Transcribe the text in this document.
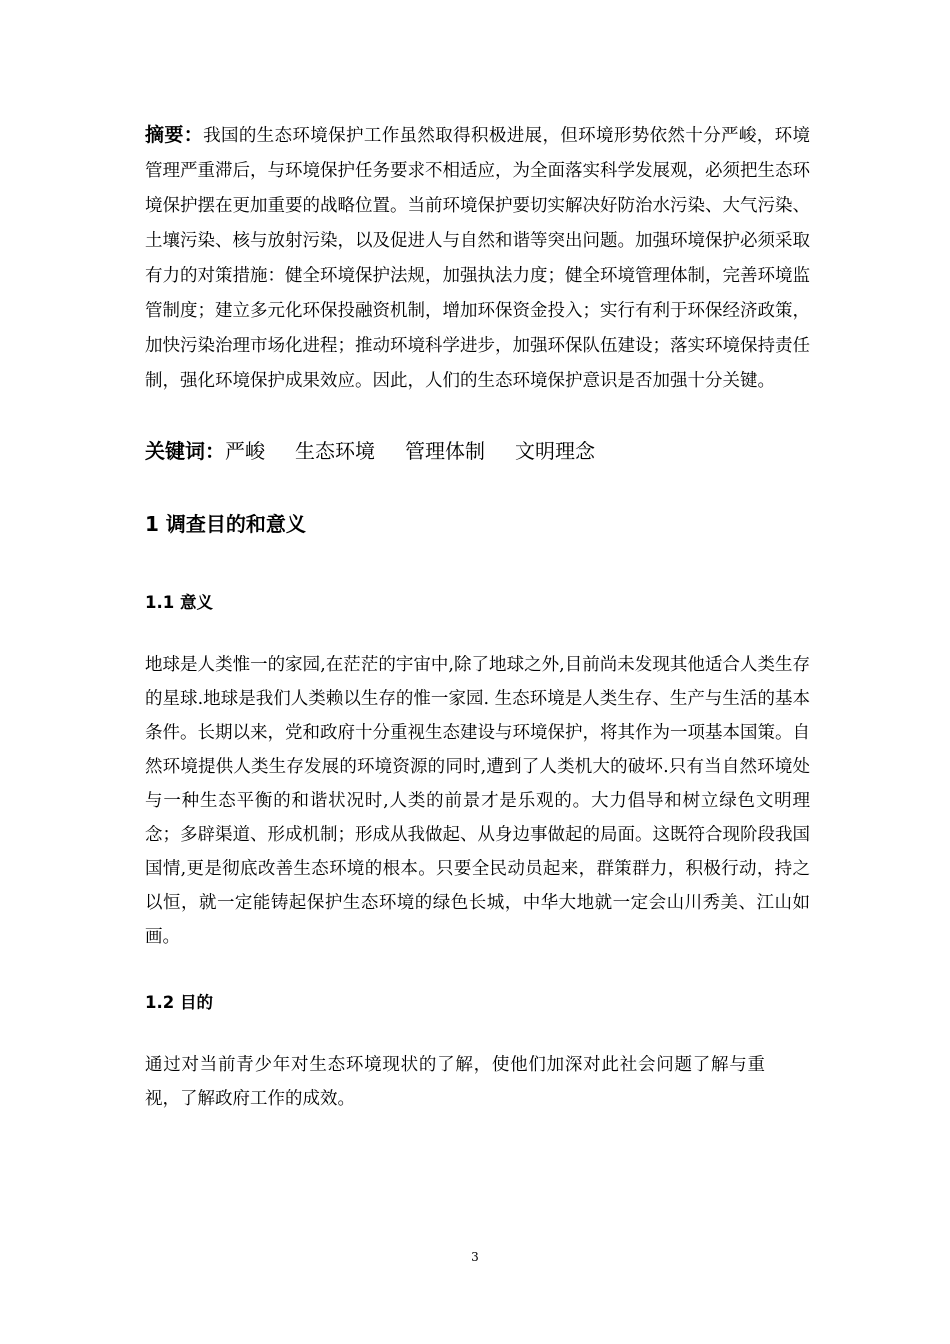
摘要：我国的生态环境保护工作虽然取得积极进展，但环境形势依然十分严峻，环境管理严重滞后，与环境保护任务要求不相适应，为全面落实科学发展观，必须把生态环境保护摆在更加重要的战略位置。当前环境保护要切实解决好防治水污染、大气污染、土壤污染、核与放射污染，以及促进人与自然和谐等突出问题。加强环境保护必须采取有力的对策措施：健全环境保护法规，加强执法力度；健全环境管理体制，完善环境监管制度；建立多元化环保投融资机制，增加环保资金投入；实行有利于环保经济政策，加快污染治理市场化进程；推动环境科学进步，加强环保队伍建设；落实环境保持责任制，强化环境保护成果效应。因此，人们的生态环境保护意识是否加强十分关键。

关键词：严峻 生态环境 管理体制 文明理念

1 调查目的和意义
1.1 意义

地球是人类惟一的家园,在茫茫的宇宙中,除了地球之外,目前尚未发现其他适合人类生存的星球.地球是我们人类赖以生存的惟一家园. 生态环境是人类生存、生产与生活的基本条件。长期以来，党和政府十分重视生态建设与环境保护，将其作为一项基本国策。自然环境提供人类生存发展的环境资源的同时,遭到了人类机大的破坏.只有当自然环境处与一种生态平衡的和谐状况时,人类的前景才是乐观的。大力倡导和树立绿色文明理念；多辟渠道、形成机制；形成从我做起、从身边事做起的局面。这既符合现阶段我国国情,更是彻底改善生态环境的根本。只要全民动员起来，群策群力，积极行动，持之以恒，就一定能铸起保护生态环境的绿色长城，中华大地就一定会山川秀美、江山如画。

1.2 目的

通过对当前青少年对生态环境现状的了解，使他们加深对此社会问题了解与重视，了解政府工作的成效。

3
